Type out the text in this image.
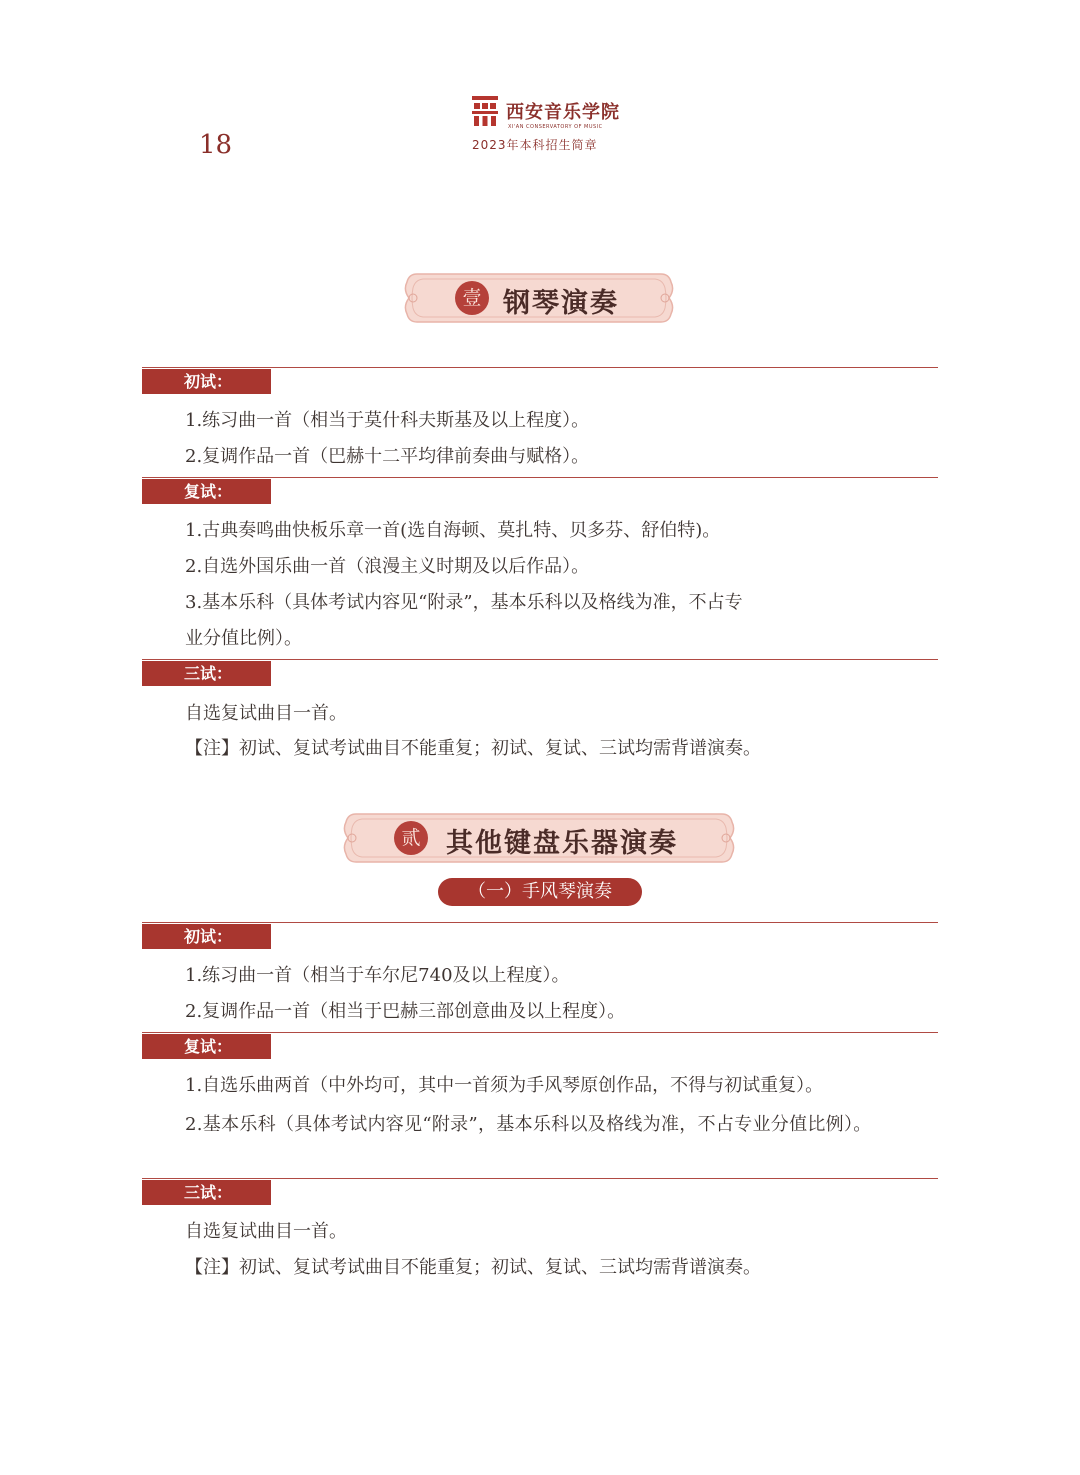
18
西安音乐学院
XI'AN CONSERVATORY OF MUSIC
2023年本科招生简章
壹 钢琴演奏
初试：
1.练习曲一首（相当于莫什科夫斯基及以上程度）。
2.复调作品一首（巴赫十二平均律前奏曲与赋格）。
复试：
1.古典奏鸣曲快板乐章一首(选自海顿、莫扎特、贝多芬、舒伯特)。
2.自选外国乐曲一首（浪漫主义时期及以后作品）。
3.基本乐科（具体考试内容见“附录”，基本乐科以及格线为准，不占专
业分值比例）。
三试：
自选复试曲目一首。
【注】初试、复试考试曲目不能重复；初试、复试、三试均需背谱演奏。
贰 其他键盘乐器演奏
（一）手风琴演奏
初试：
1.练习曲一首（相当于车尔尼740及以上程度）。
2.复调作品一首（相当于巴赫三部创意曲及以上程度）。
复试：
1.自选乐曲两首（中外均可，其中一首须为手风琴原创作品，不得与初试重复）。
2.基本乐科（具体考试内容见“附录”，基本乐科以及格线为准，不占专业分值比例）。
三试：
自选复试曲目一首。
【注】初试、复试考试曲目不能重复；初试、复试、三试均需背谱演奏。
